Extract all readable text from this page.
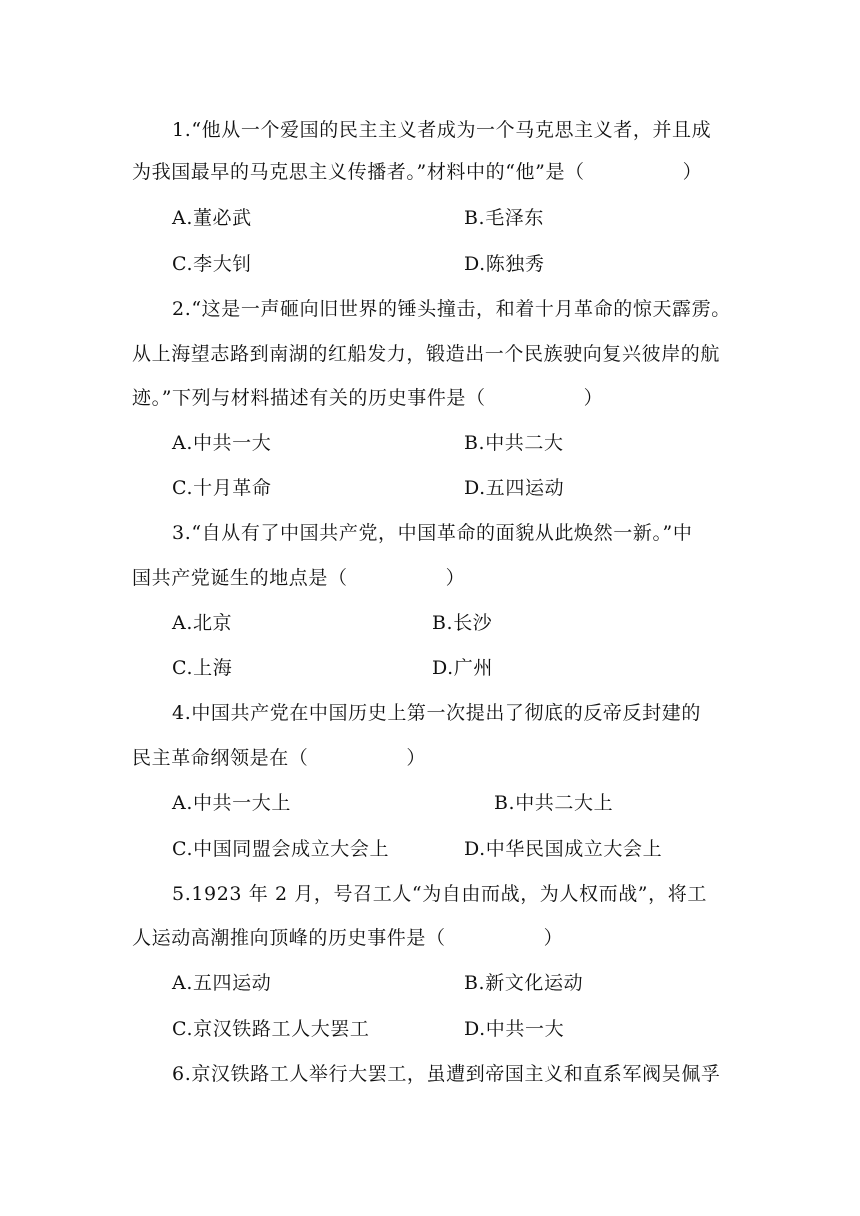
1.“他从一个爱国的民主主义者成为一个马克思主义者，并且成
为我国最早的马克思主义传播者。”材料中的“他”是（　　　　　）
A.董必武	B.毛泽东
C.李大钊	D.陈独秀
2.“这是一声砸向旧世界的锤头撞击，和着十月革命的惊天霹雳。
从上海望志路到南湖的红船发力，锻造出一个民族驶向复兴彼岸的航
迹。”下列与材料描述有关的历史事件是（　　　　　）
A.中共一大	B.中共二大
C.十月革命	D.五四运动
3.“自从有了中国共产党，中国革命的面貌从此焕然一新。”中
国共产党诞生的地点是（　　　　　）
A.北京	B.长沙
C.上海	D.广州
4.中国共产党在中国历史上第一次提出了彻底的反帝反封建的
民主革命纲领是在（　　　　　）
A.中共一大上	B.中共二大上
C.中国同盟会成立大会上	D.中华民国成立大会上
5.1923 年 2 月，号召工人“为自由而战，为人权而战”，将工
人运动高潮推向顶峰的历史事件是（　　　　　）
A.五四运动	B.新文化运动
C.京汉铁路工人大罢工	D.中共一大
6.京汉铁路工人举行大罢工，虽遭到帝国主义和直系军阀吴佩孚
